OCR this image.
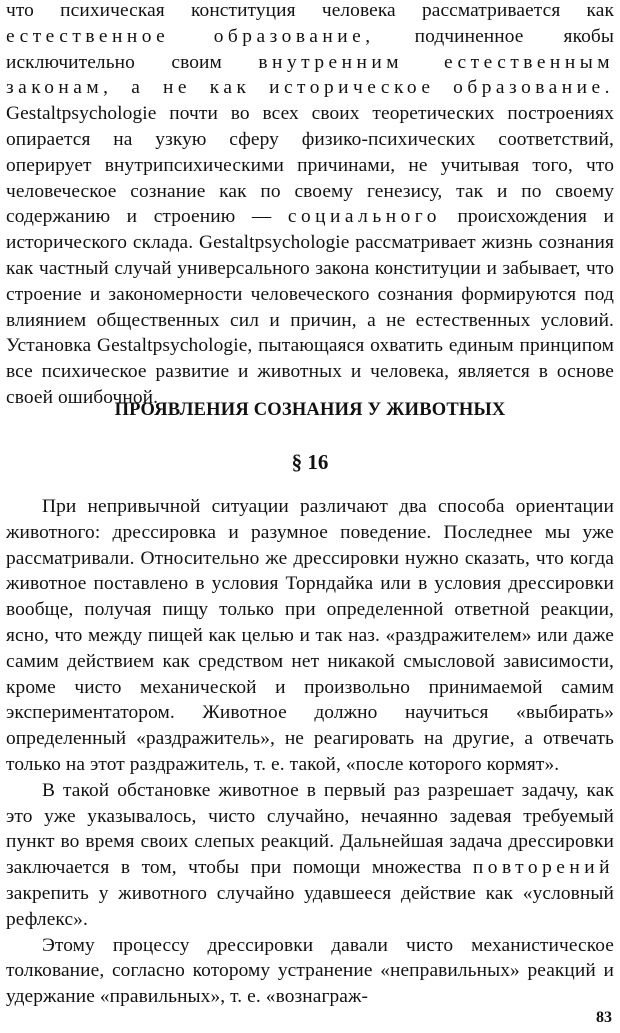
что психическая конституция человека рассматривается как естественное образование, подчиненное якобы исключительно своим внутренним естественным законам, а не как историческое образование. Gestaltpsychologie почти во всех своих теоретических построениях опирается на узкую сферу физико-психических соответствий, оперирует внутрипсихическими причинами, не учитывая того, что человеческое сознание как по своему генезису, так и по своему содержанию и строению — социального происхождения и исторического склада. Gestaltpsychologie рассматривает жизнь сознания как частный случай универсального закона конституции и забывает, что строение и закономерности человеческого сознания формируются под влиянием общественных сил и причин, а не естественных условий. Установка Gestaltpsychologie, пытающаяся охватить единым принципом все психическое развитие и животных и человека, является в основе своей ошибочной.

ПРОЯВЛЕНИЯ СОЗНАНИЯ У ЖИВОТНЫХ
§ 16

При непривычной ситуации различают два способа ориентации животного: дрессировка и разумное поведение. Последнее мы уже рассматривали. Относительно же дрессировки нужно сказать, что когда животное поставлено в условия Торндайка или в условия дрессировки вообще, получая пищу только при определенной ответной реакции, ясно, что между пищей как целью и так наз. «раздражителем» или даже самим действием как средством нет никакой смысловой зависимости, кроме чисто механической и произвольно принимаемой самим экспериментатором. Животное должно научиться «выбирать» определенный «раздражитель», не реагировать на другие, а отвечать только на этот раздражитель, т. е. такой, «после которого кормят».

В такой обстановке животное в первый раз разрешает задачу, как это уже указывалось, чисто случайно, нечаянно задевая требуемый пункт во время своих слепых реакций. Дальнейшая задача дрессировки заключается в том, чтобы при помощи множества повторений закрепить у животного случайно удавшееся действие как «условный рефлекс».

Этому процессу дрессировки давали чисто механистическое толкование, согласно которому устранение «неправильных» реакций и удержание «правильных», т. е. «вознаграж-

83
